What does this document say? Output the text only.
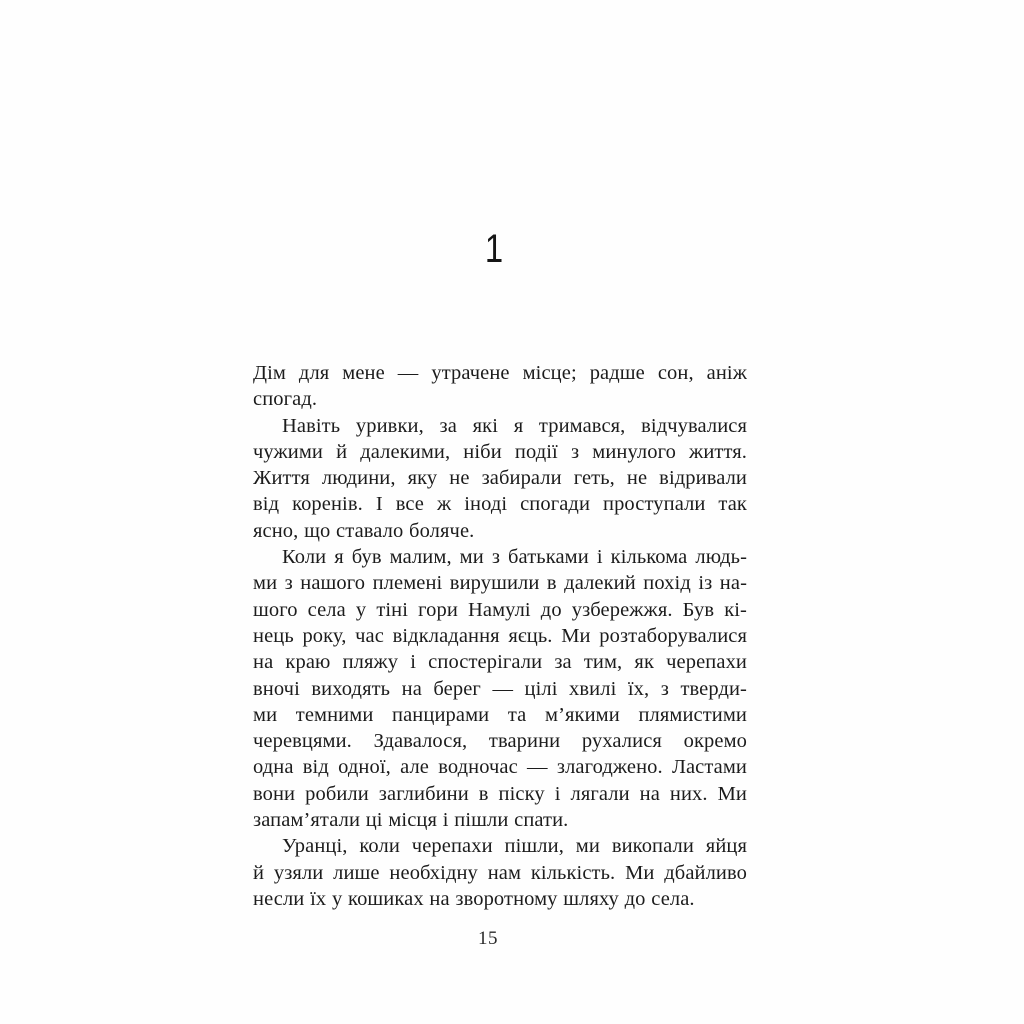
1

Дім для мене — утрачене місце; радше сон, аніж
спогад.

Навіть уривки, за які я тримався, відчувалися
чужими й далекими, ніби події з минулого життя.
Життя людини, яку не забирали геть, не відривали
від коренів. І все ж іноді спогади проступали так
ясно, що ставало боляче.

Коли я був малим, ми з батьками і кількома людь-
ми з нашого племені вирушили в далекий похід із на-
шого села у тіні гори Намулі до узбережжя. Був кі-
нець року, час відкладання яєць. Ми розтаборувалися
на краю пляжу і спостерігали за тим, як черепахи
вночі виходять на берег — цілі хвилі їх, з тверди-
ми темними панцирами та м’якими плямистими
черевцями. Здавалося, тварини рухалися окремо
одна від одної, але водночас — злагоджено. Ластами
вони робили заглибини в піску і лягали на них. Ми
запам’ятали ці місця і пішли спати.

Уранці, коли черепахи пішли, ми викопали яйця
й узяли лише необхідну нам кількість. Ми дбайливо
несли їх у кошиках на зворотному шляху до села.

15
